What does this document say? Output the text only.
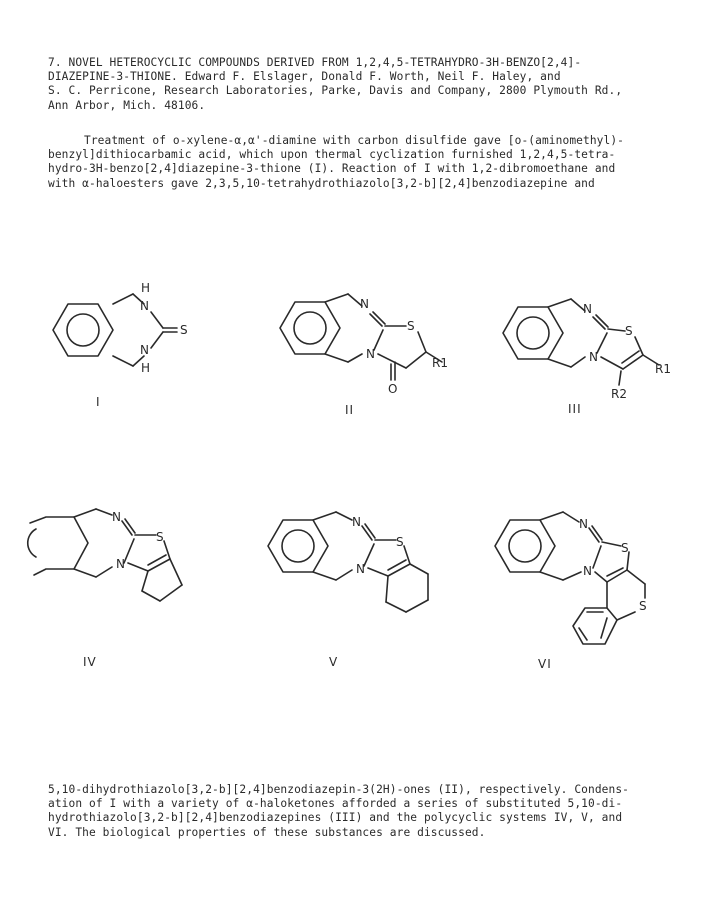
7. NOVEL HETEROCYCLIC COMPOUNDS DERIVED FROM 1,2,4,5-TETRAHYDRO-3H-BENZO[2,4]-
DIAZEPINE-3-THIONE. Edward F. Elslager, Donald F. Worth, Neil F. Haley, and
S. C. Perricone, Research Laboratories, Parke, Davis and Company, 2800 Plymouth Rd.,
Ann Arbor, Mich. 48106.
Treatment of o-xylene-α,α'-diamine with carbon disulfide gave [o-(aminomethyl)-
benzyl]dithiocarbamic acid, which upon thermal cyclization furnished 1,2,4,5-tetra-
hydro-3H-benzo[2,4]diazepine-3-thione (I). Reaction of I with 1,2-dibromoethane and
with α-haloesters gave 2,3,5,10-tetrahydrothiazolo[3,2-b][2,4]benzodiazepine and
N
H
S
N
H
I
N
S
N
O
R1
II
N
S
N
R1
R2
III
N
S
N
IV
N
S
N
V
N
S
N
S
VI
5,10-dihydrothiazolo[3,2-b][2,4]benzodiazepin-3(2H)-ones (II), respectively. Condens-
ation of I with a variety of α-haloketones afforded a series of substituted 5,10-di-
hydrothiazolo[3,2-b][2,4]benzodiazepines (III) and the polycyclic systems IV, V, and
VI. The biological properties of these substances are discussed.
